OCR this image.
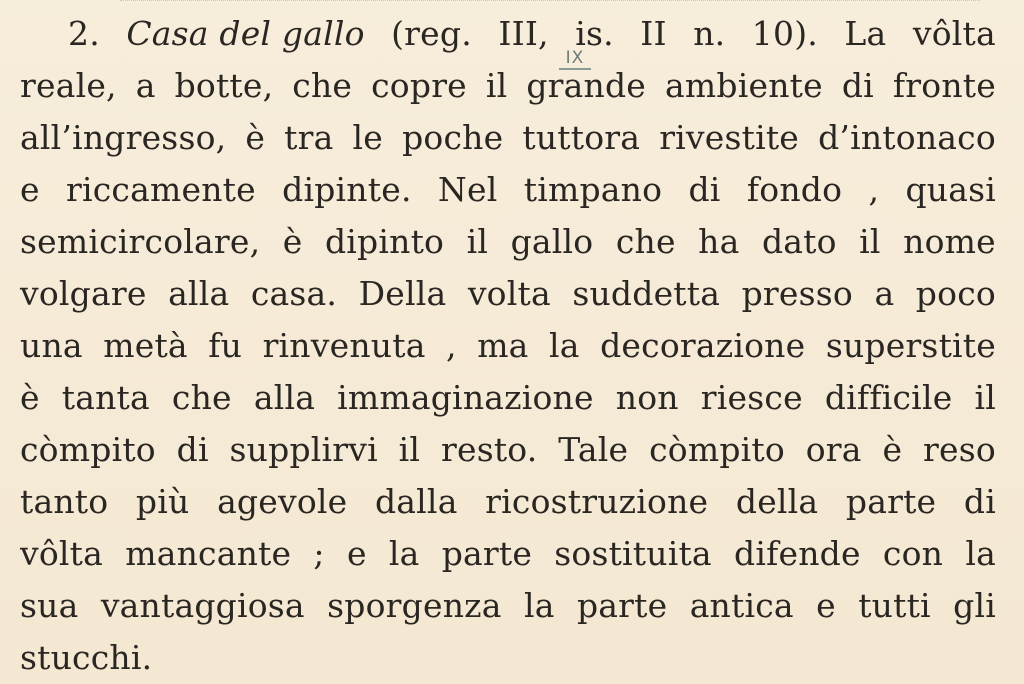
2. Casa del gallo (reg. III, is. II n. 10). La vôlta
reale, a botte, che copre il grande ambiente di fronte
all’ingresso, è tra le poche tuttora rivestite d’intonaco
e riccamente dipinte. Nel timpano di fondo , quasi
semicircolare, è dipinto il gallo che ha dato il nome
volgare alla casa. Della volta suddetta presso a poco
una metà fu rinvenuta , ma la decorazione superstite
è tanta che alla immaginazione non riesce difficile il
còmpito di supplirvi il resto. Tale còmpito ora è reso
tanto più agevole dalla ricostruzione della parte di
vôlta mancante ; e la parte sostituita difende con la
sua vantaggiosa sporgenza la parte antica e tutti gli
stucchi.
IX
